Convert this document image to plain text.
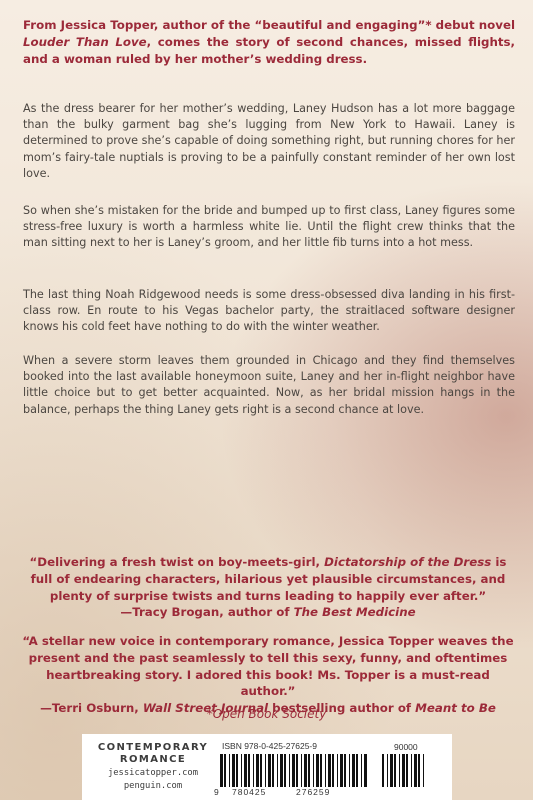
From Jessica Topper, author of the “beautiful and engaging”* debut novel Louder Than Love, comes the story of second chances, missed flights, and a woman ruled by her mother’s wedding dress.

As the dress bearer for her mother’s wedding, Laney Hudson has a lot more baggage than the bulky garment bag she’s lugging from New York to Hawaii. Laney is determined to prove she’s capable of doing something right, but running chores for her mom’s fairy-tale nuptials is proving to be a painfully constant reminder of her own lost love.

So when she’s mistaken for the bride and bumped up to first class, Laney figures some stress-free luxury is worth a harmless white lie. Until the flight crew thinks that the man sitting next to her is Laney’s groom, and her little fib turns into a hot mess.

The last thing Noah Ridgewood needs is some dress-obsessed diva landing in his first-class row. En route to his Vegas bachelor party, the straitlaced software designer knows his cold feet have nothing to do with the winter weather.

When a severe storm leaves them grounded in Chicago and they find themselves booked into the last available honeymoon suite, Laney and her in-flight neighbor have little choice but to get better acquainted. Now, as her bridal mission hangs in the balance, perhaps the thing Laney gets right is a second chance at love.

“Delivering a fresh twist on boy-meets-girl, Dictatorship of the Dress is full of endearing characters, hilarious yet plausible circumstances, and plenty of surprise twists and turns leading to happily ever after.”
—Tracy Brogan, author of The Best Medicine

“A stellar new voice in contemporary romance, Jessica Topper weaves the present and the past seamlessly to tell this sexy, funny, and oftentimes heartbreaking story. I adored this book! Ms. Topper is a must-read author.”
—Terri Osburn, Wall Street Journal bestselling author of Meant to Be

*Open Book Society

CONTEMPORARY
ROMANCE
jessicatopper.com
penguin.com
ISBN 978-0-425-27625-9	90000
9 780425	276259
